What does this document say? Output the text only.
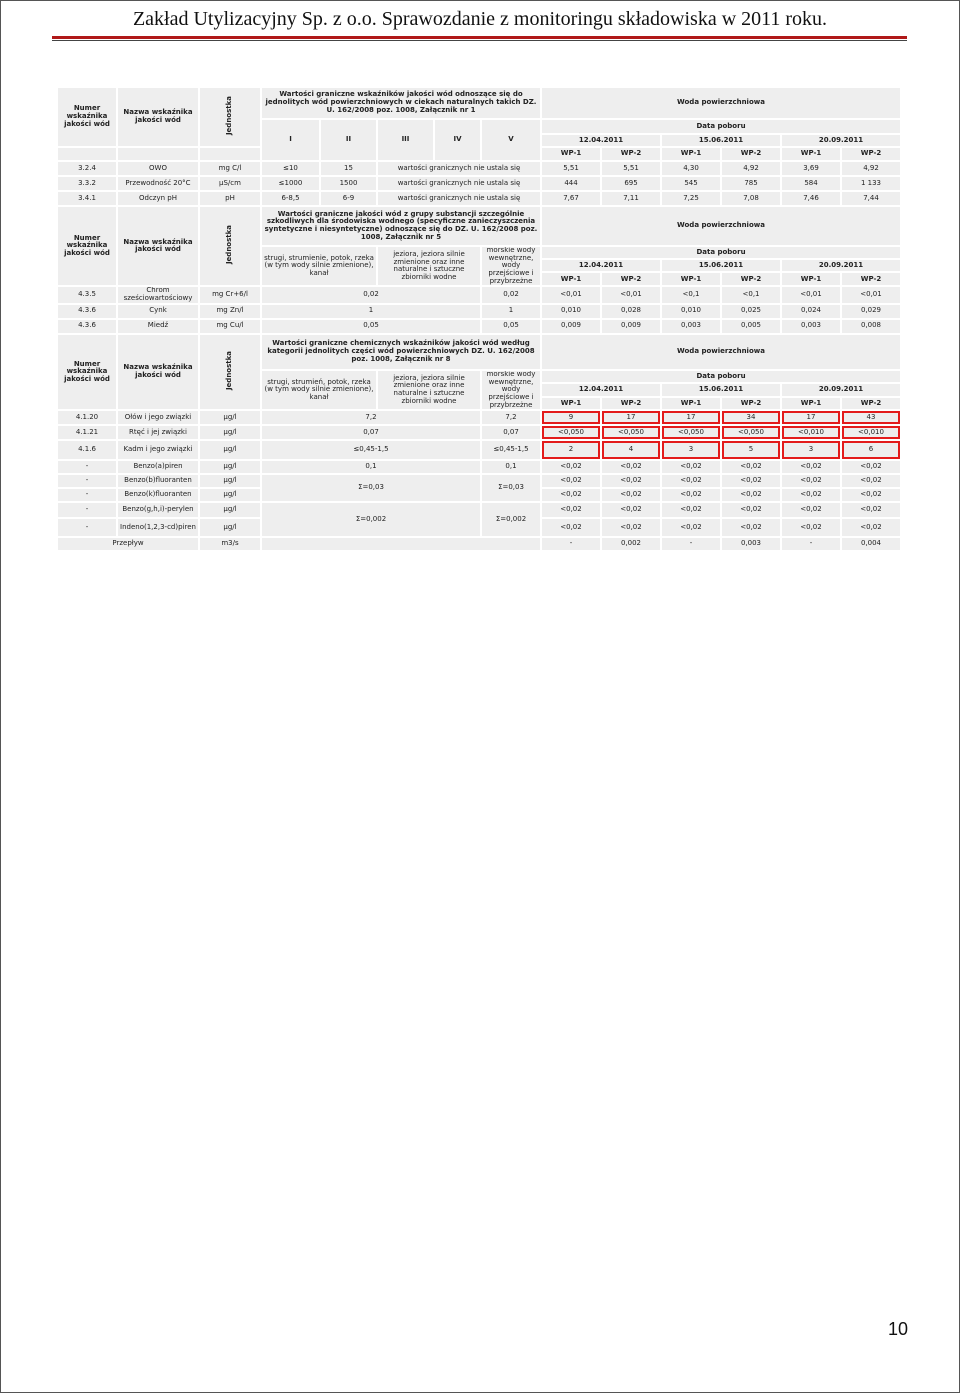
Zakład Utylizacyjny Sp. z o.o. Sprawozdanie z monitoringu składowiska w 2011 roku.
Numer wskaźnika jakości wód	Nazwa wskaźnika jakości wód	Jednostka	Wartości graniczne wskaźników jakości wód odnoszące się do jednolitych wód powierzchniowych w ciekach naturalnych takich DZ. U. 162/2008 poz. 1008, Załącznik nr 1					Woda powierzchniowa					
			I	II	III	IV	V	Data poboru					
								12.04.2011		15.06.2011		20.09.2011	
								WP-1	WP-2	WP-1	WP-2	WP-1	WP-2
3.2.4	OWO	mg C/l	≤10	15	wartości granicznych nie ustala się			5,51	5,51	4,30	4,92	3,69	4,92
3.3.2	Przewodność 20°C	µS/cm	≤1000	1500	wartości granicznych nie ustala się			444	695	545	785	584	1 133
3.4.1	Odczyn pH	pH	6-8,5	6-9	wartości granicznych nie ustala się			7,67	7,11	7,25	7,08	7,46	7,44
Numer wskaźnika jakości wód	Nazwa wskaźnika jakości wód	Jednostka	Wartości graniczne jakości wód z grupy substancji szczególnie szkodliwych dla środowiska wodnego (specyficzne zanieczyszczenia syntetyczne i niesyntetyczne) odnoszące się do DZ. U. 162/2008 poz. 1008, Załącznik nr 5					Woda powierzchniowa					
			strugi, strumienie, potok, rzeka (w tym wody silnie zmienione), kanał		jeziora, jeziora silnie zmienione oraz inne naturalne i sztuczne zbiorniki wodne		morskie wody wewnętrzne, wody przejściowe i przybrzeżne	Data poboru					
								12.04.2011		15.06.2011		20.09.2011	
								WP-1	WP-2	WP-1	WP-2	WP-1	WP-2
4.3.5	Chrom sześciowartościowy	mg Cr+6/l	0,02				0,02	<0,01	<0,01	<0,1	<0,1	<0,01	<0,01
4.3.6	Cynk	mg Zn/l	1				1	0,010	0,028	0,010	0,025	0,024	0,029
4.3.6	Miedź	mg Cu/l	0,05				0,05	0,009	0,009	0,003	0,005	0,003	0,008
Numer wskaźnika jakości wód	Nazwa wskaźnika jakości wód	Jednostka	Wartości graniczne chemicznych wskaźników jakości wód według kategorii jednolitych części wód powierzchniowych DZ. U. 162/2008 poz. 1008, Załącznik nr 8					Woda powierzchniowa					
			strugi, strumień, potok, rzeka (w tym wody silnie zmienione), kanał		jeziora, jeziora silnie zmienione oraz inne naturalne i sztuczne zbiorniki wodne		morskie wody wewnętrzne, wody przejściowe i przybrzeżne	Data poboru					
								12.04.2011		15.06.2011		20.09.2011	
								WP-1	WP-2	WP-1	WP-2	WP-1	WP-2
4.1.20	Ołów i jego związki	µg/l	7,2				7,2	9	17	17	34	17	43
4.1.21	Rtęć i jej związki	µg/l	0,07				0,07	<0,050	<0,050	<0,050	<0,050	<0,010	<0,010
4.1.6	Kadm i jego związki	µg/l	≤0,45-1,5				≤0,45-1,5	2	4	3	5	3	6
-	Benzo(a)piren	µg/l	0,1				0,1	<0,02	<0,02	<0,02	<0,02	<0,02	<0,02
-	Benzo(b)fluoranten	µg/l	Σ=0,03				Σ=0,03	<0,02	<0,02	<0,02	<0,02	<0,02	<0,02
-	Benzo(k)fluoranten	µg/l						<0,02	<0,02	<0,02	<0,02	<0,02	<0,02
-	Benzo(g,h,i)-perylen	µg/l	Σ=0,002				Σ=0,002	<0,02	<0,02	<0,02	<0,02	<0,02	<0,02
-	Indeno(1,2,3-cd)piren	µg/l						<0,02	<0,02	<0,02	<0,02	<0,02	<0,02
Przepływ		m3/s						-	0,002	-	0,003	-	0,004
10
